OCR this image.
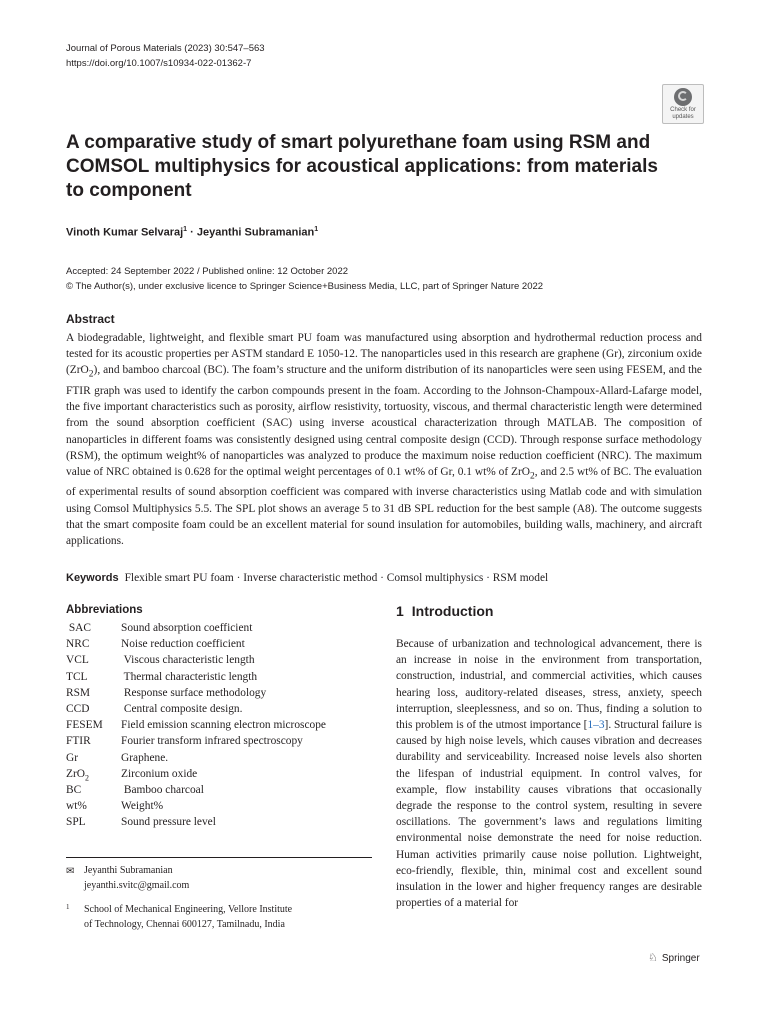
Journal of Porous Materials (2023) 30:547–563
https://doi.org/10.1007/s10934-022-01362-7
Check for
updates
A comparative study of smart polyurethane foam using RSM and COMSOL multiphysics for acoustical applications: from materials to component
Vinoth Kumar Selvaraj$^1$ · Jeyanthi Subramanian$^1$
Accepted: 24 September 2022 / Published online: 12 October 2022
© The Author(s), under exclusive licence to Springer Science+Business Media, LLC, part of Springer Nature 2022
Abstract

A biodegradable, lightweight, and flexible smart PU foam was manufactured using absorption and hydrothermal reduction process and tested for its acoustic properties per ASTM standard E 1050-12. The nanoparticles used in this research are graphene (Gr), zirconium oxide (ZrO$_2$), and bamboo charcoal (BC). The foam’s structure and the uniform distribution of its nanoparticles were seen using FESEM, and the FTIR graph was used to identify the carbon compounds present in the foam. According to the Johnson-Champoux-Allard-Lafarge model, the five important characteristics such as porosity, airflow resistivity, tortuosity, viscous, and thermal characteristic length were determined from the sound absorption coefficient (SAC) using inverse acoustical characterization through MATLAB. The composition of nanoparticles in different foams was consistently designed using central composite design (CCD). Through response surface methodology (RSM), the optimum weight% of nanoparticles was analyzed to produce the maximum noise reduction coefficient (NRC). The maximum value of NRC obtained is 0.628 for the optimal weight percentages of 0.1 wt% of Gr, 0.1 wt% of ZrO$_2$, and 2.5 wt% of BC. The evaluation of experimental results of sound absorption coefficient was compared with inverse characteristics using Matlab code and with simulation using Comsol Multiphysics 5.5. The SPL plot shows an average 5 to 31 dB SPL reduction for the best sample (A8). The outcome suggests that the smart composite foam could be an excellent material for sound insulation for automobiles, building walls, machinery, and aircraft applications.

Keywords Flexible smart PU foam · Inverse characteristic method · Comsol multiphysics · RSM model
Abbreviations
SAC	Sound absorption coefficient
NRC	Noise reduction coefficient
VCL	Viscous characteristic length
TCL	Thermal characteristic length
RSM	Response surface methodology
CCD	Central composite design.
FESEM Field emission scanning electron microscope
FTIR	Fourier transform infrared spectroscopy
Gr	Graphene.
ZrO$_2$	Zirconium oxide
BC	Bamboo charcoal
wt%	Weight%
SPL	Sound pressure level
✉ Jeyanthi Subramanian
jeyanthi.svitc@gmail.com
1 School of Mechanical Engineering, Vellore Institute
of Technology, Chennai 600127, Tamilnadu, India
1 Introduction

Because of urbanization and technological advancement, there is an increase in noise in the environment from transportation, construction, industrial, and commercial activities, which causes hearing loss, auditory-related diseases, stress, anxiety, speech interruption, sleeplessness, and so on. Thus, finding a solution to this problem is of the utmost importance [1–3]. Structural failure is caused by high noise levels, which causes vibration and decreases durability and serviceability. Increased noise levels also shorten the lifespan of industrial equipment. In control valves, for example, flow instability causes vibrations that occasionally degrade the response to the control system, resulting in severe oscillations. The government’s laws and regulations limiting environmental noise demonstrate the need for noise reduction. Human activities primarily cause noise pollution. Lightweight, eco-friendly, flexible, thin, minimal cost and excellent sound insulation in the lower and higher frequency ranges are desirable properties of a material for

♘ Springer
